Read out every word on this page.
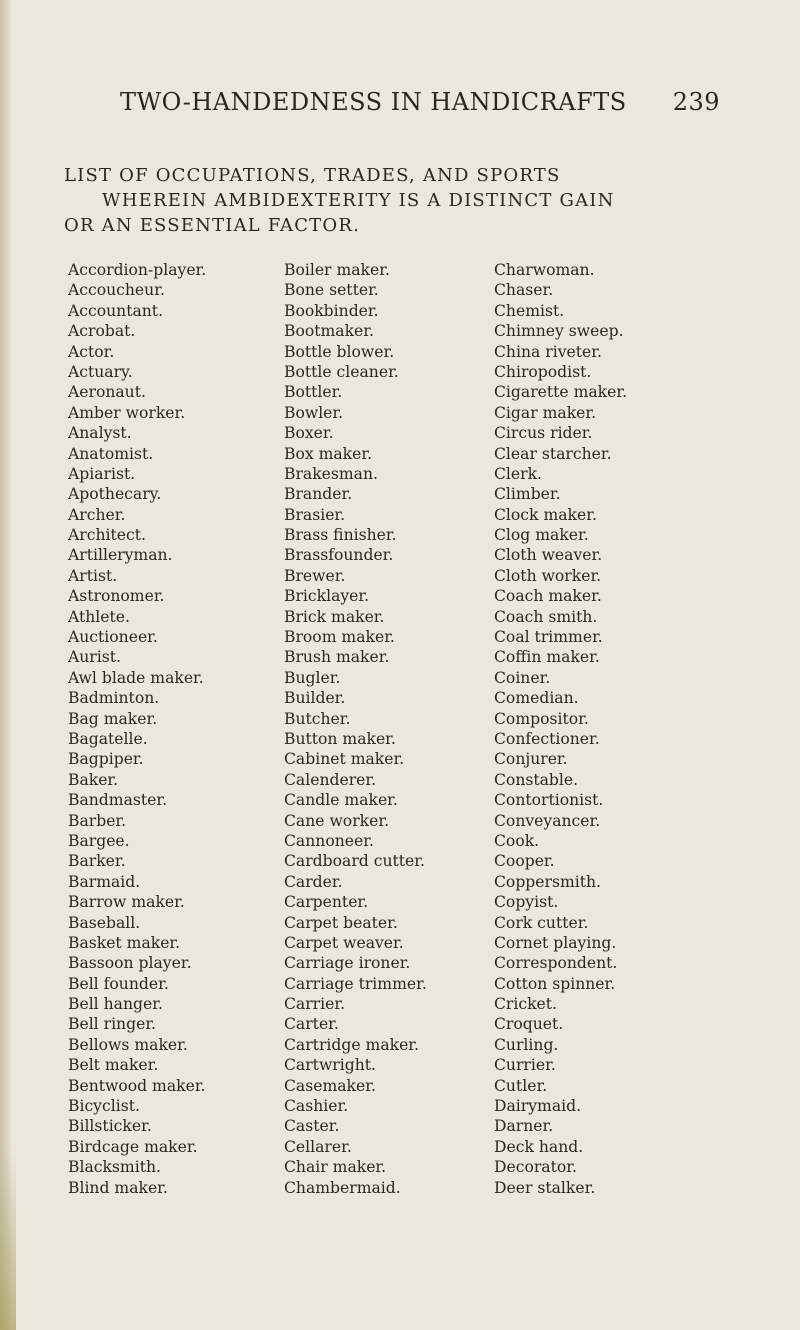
TWO-HANDEDNESS IN HANDICRAFTS 239
LIST OF OCCUPATIONS, TRADES, AND SPORTS
WHEREIN AMBIDEXTERITY IS A DISTINCT GAIN
OR AN ESSENTIAL FACTOR.
Accordion-player.
Accoucheur.
Accountant.
Acrobat.
Actor.
Actuary.
Aeronaut.
Amber worker.
Analyst.
Anatomist.
Apiarist.
Apothecary.
Archer.
Architect.
Artilleryman.
Artist.
Astronomer.
Athlete.
Auctioneer.
Aurist.
Awl blade maker.
Badminton.
Bag maker.
Bagatelle.
Bagpiper.
Baker.
Bandmaster.
Barber.
Bargee.
Barker.
Barmaid.
Barrow maker.
Baseball.
Basket maker.
Bassoon player.
Bell founder.
Bell hanger.
Bell ringer.
Bellows maker.
Belt maker.
Bentwood maker.
Bicyclist.
Billsticker.
Birdcage maker.
Blacksmith.
Blind maker.
Boiler maker.
Bone setter.
Bookbinder.
Bootmaker.
Bottle blower.
Bottle cleaner.
Bottler.
Bowler.
Boxer.
Box maker.
Brakesman.
Brander.
Brasier.
Brass finisher.
Brassfounder.
Brewer.
Bricklayer.
Brick maker.
Broom maker.
Brush maker.
Bugler.
Builder.
Butcher.
Button maker.
Cabinet maker.
Calenderer.
Candle maker.
Cane worker.
Cannoneer.
Cardboard cutter.
Carder.
Carpenter.
Carpet beater.
Carpet weaver.
Carriage ironer.
Carriage trimmer.
Carrier.
Carter.
Cartridge maker.
Cartwright.
Casemaker.
Cashier.
Caster.
Cellarer.
Chair maker.
Chambermaid.
Charwoman.
Chaser.
Chemist.
Chimney sweep.
China riveter.
Chiropodist.
Cigarette maker.
Cigar maker.
Circus rider.
Clear starcher.
Clerk.
Climber.
Clock maker.
Clog maker.
Cloth weaver.
Cloth worker.
Coach maker.
Coach smith.
Coal trimmer.
Coffin maker.
Coiner.
Comedian.
Compositor.
Confectioner.
Conjurer.
Constable.
Contortionist.
Conveyancer.
Cook.
Cooper.
Coppersmith.
Copyist.
Cork cutter.
Cornet playing.
Correspondent.
Cotton spinner.
Cricket.
Croquet.
Curling.
Currier.
Cutler.
Dairymaid.
Darner.
Deck hand.
Decorator.
Deer stalker.
